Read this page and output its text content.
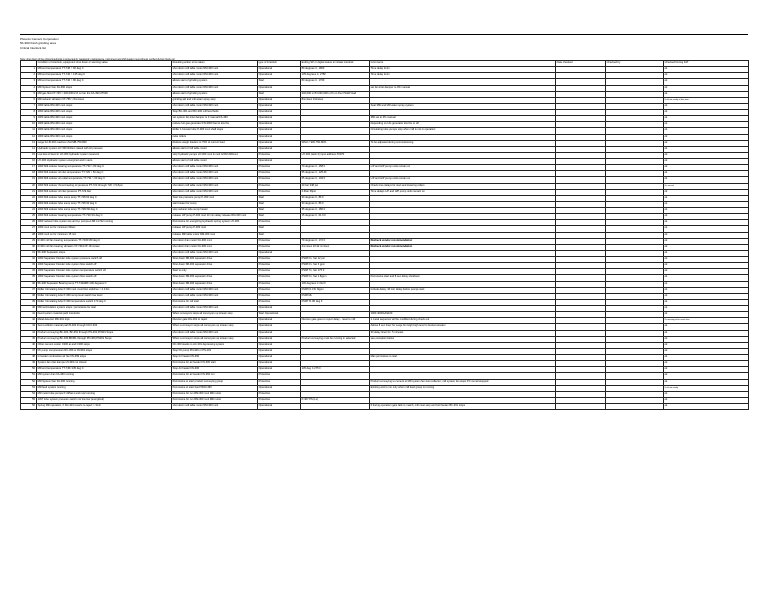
Phoenix Cement Corporation
5K-900 finish grinding area
Critical Interlock list
Note: shut down of the critical interlocks is protected by password; maintenance, instrument and shift leader must witness verified during check out
	Condition of interlock, equipment shut down or warning value	Resulting action to be taken	type of interlock	Ending SP or digital status to initiate interlock	Comments	Date checked	Checked by	Checked During FAT
1	Mill end temperature TT-746 > 60 deg C	shut down mill table motor RM-300 mo1	Operational	80 degrees C, 180F	Time delay 2min			ok
2	Mill end temperature TT-746 > 135 deg C	shut down mill table motor RM-300 mo1	Operational	135 degrees C, 275F	Time delay 2min			ok
3	Mill end temperature TT-746 > 80 deg C	allows start of grinding system	Start	80 degrees C, 176F				ok
4	Mill System Fan FA-360 stops	shut down mill table motor RM-300 mo1	Operational		set fan inlet damper to 0% manual			ok
5	Mill gas flow FT-745 < 240,000m³/h on fan the FA-390 ZT026	allows start of grinding system	Start	240,000 m³/h=240,000 m³/h on Kw<70/kW load				ok
6	Mill reducer vibration VT-756 > 8mm/sec	grinding aid and mill water spray stop	Operational	8mm/sec 1/4in/sec				Until not ready at this time
7	1000 table RM-300 mo1 stops	shut down mill table motor RM-300 mo1	Operational		Seal 380 and Mill water spray system			ok
8	1000 table RM-300 mo1 stops	Stop BC-301 and BC-300 mill feed belts	Operational					ok
9	1000 table RM-300 mo1 stops	set system fan inlet damper to 0 manual FA-360	Operational		380 set to 0% manual			ok
10	1000 table RM-300 mo1 stops	reduce hot gas generator FN-3000 fuel to low fire	Operational		Depending on HG generator low fire or off			ok
11	1000 table RM-300 mo1 stops	Roller 1 booster lube P-300 mo1 shaft stops	Operational		Circulating lube pumps stop when mill is not in operation			ok
12	1000 table RM-300 mo1 stops	raise rollers	Operational					ok
13	surge bin B-302 reaches LSH MB-750-800	Reduce weigh feeders to 75% of current feed	Operational	WSH = 900-750-80%	To be adjusted during commissioning			ok
14	Hydraulic system HY-300 Rollers raised with HI pressure	allows start of mill table motor	Operational					ok
15	Low low oil level in HY-300 hydraulic system reservoir	stop hydraulic pumps HY-300 mo1 & mo2 & RM-300mo1	Protective	HY-300 (tank 3) input address X0070				ok
16	HY-300 Hydraulic system energized and in auto	allows start of mill table motor	Operational					ok
17	1000 Mill reducer bearing temperature TT-733 > 80 deg C	shut down mill table motor RM-300 mo1	Protective	70 degrees C, 158 F	L/P and H/P pump units remain on			ok
18	1000 Mill reducer oil inlet temperature TT-729 > 60 deg C	shut down mill table motor RM-300 mo1	Protective	55 degrees C, 125.2F				ok
19	1000 Mill reducer oil outlet temperature TT-731 > 60 deg C	shut down mill table motor RM-300 mo1	Protective	65 degrees C, 149 F	L/P and H/P pump units remain on			ok
20	1000 Mill reducer thrust bearing oil pressure PT-722 through 726 <74.8psi	shut down mill table motor RM-300 mo1	Protective	20 bar 348 psi	Check time delays for start and lowering rollers			Un sur ed
21	1000 Mill reducer oil inlet pressure PT-729 Alsi	shut down mill table motor RM-300 mo1	Protective	2.6bar 36psi	Time delays L/P and H/P pump units remain on			ok
22	1000 Mill reducer lube sump temp TT-728 60 deg C	Start low pressure pump P-300 mo1	Start	30 degrees C, 86 F				ok
23	1000 Mill reducer lube sump temp TT-728 30 deg C	start heater for sump	Start	30 degrees C, 86 F				ok
24	1000 Mill reducer lube sump temp TT-728<60 deg C	stop reducer lube sump heater	Start	35 degrees C, 180 F				ok
25	1000 Mill reducer bearing temperature TT-733<16 deg C	release HP pump P-300 mo2 10 min delay release RM-300 mo1	Start	15 degrees C, 61.6 F				ok
26	1000 reducer lube system Hp and Lp pumps+LSB mo742 running	Permissive for energizing Hydraulic spring system HY-300	Protective					ok
27	1000 mo1 on for minimum 60sec	release HP pump P-300 mo2	Start					ok
28	1000 mo2 on for minimum 15 min	release Mill table motor RM-300 mo1	Start					ok
29	R-300 mill fan bearing temperature TT-7430>80 deg C	shut down Fan motor FA-300 mo1	Protective	79 degrees C, 172 F	Recheck vendor recommendation			ok
30	R-300 mill fan bearing vibration VT-7410<8> 8mm/sec	shut down Fan motor FA-300 mo1	Protective	4mm/sec 23.32 mm/sec	Recheck vendor recommendation			ok
31	5K-300 Separator stops	shut down mill table motor RM-300 mo1	Operational					ok
32	1000 Separator Flender lube system pressure switch off	Shut down SB-300 separator drive	Protective	PS08 F1, Set 12 psi				ok
33	1000 Separator Flender lube system flow switch off	Shut down SB-300 separator drive	Protective	PS08 F1, Set 3 gpm				ok
34	1000 Separator Flender lube system temperature switch off	Start to only	Protective	PS08 T1, Set 175 F				ok
35	1000 Separator Flender lube system flow switch off	Shut down SB-300 separator drive	Protective	PS08 F1, Set 1.8gpm	Permissive start and 8 sec delay shutdown			ok
36	5K-300 Separator Bearing temp TT-7430&B>100 degrees C	Shut down SB-300 separator drive	Protective	100 degrees C 212 F				ok
37	Roller Circulating lube P-300 mo1 must flow switches < 2.3 ltrs	shut down mill table motor RM-300 mo1	Protective	FS08 F1 FR. 8gpm	Include delay; 40 min delay before pumps start			ok
38	Roller Circulating lube P-300 sump level switch low level	shut down mill table motor RM-300 mo1	Protective	FS08 ML				ok
39	Roller Circulating lube P-300 temperature switch 170 deg C	Permissive for roll start	Protective	FS08 T1 80 deg F				ok
40	Mill recirculation system stops / permissive for start	shut down mill table motor RM-300 mo1	Operational					ok
41	Feed system material path interlocks	When conveyors stops all conveyors up stream stop	Start Operational		1000 4000AAS100			ok
42	Metal detector MD-301 trips	Diverter gate DG-301 to reject	Operational	Diverter gate goes to reject delay - reset to mill	1 metal sequence will be modified during check out			Un-moving to be reset also
43	Semi-cobbler material path B-300 through DCX-300	When a conveyor stops all conveyors up stream stop	Operational		Allows 8 sec timer for surge bin High-high level to buckel elevator			ok
44	Product conveying BF-304, BF-351 through PN-300,PN301 Stops	shut down mill table motor RM-300 mo1	Operational		30 delay timer for .5 minutes			ok
45	Product conveying BF-330,BF351 through PN-300,PN301 Stops	When a conveyor stops all conveyors up stream stop	Operational	Product conveying must be running in selected	see exception below			ok
46	Other cement cooler C300 at and C300 stops	DC-300 stacks to AC-301 depressing system	Operational					ok
47	FK pump compressors RC-360 or RC361 stops	Stop FK pump PN-300 or PN-301	Operational					ok
48	In feeder combustion air fan FN-399 stops	Stop for heater FN-300	Operational		Max permissive to start			ok
49	System fan inlet damper ZI-393 not closed	Permissive for air feeder FN-300 start	Operational					ok
50	Mill end temperature TT-746<135 deg C	Stop Air heater FN-300	Operational	135 deg C 275 F				ok
51	Mill system Fan FA-360 running	Permissive for air feeder FN-360 run	Protective					ok
52	Mill System Fan FA-360 running	Permissive to start product conveying group	Protective		Product conveying to cement to Mill system fan dust collector; mill system fan stops PC remail stopped			ok
53	Mill feed system running	Permissive to start feed 5K03-360	Operational		Existing and to run only when mill feed group is running			Until not ready
54	Mill motor lube pumps P-325ac1 and mo2 running	Permissive for run RM-300 mo1 Mill motor	Protective					ok
55	1307 lube system pressure switch not low low (energized)	Permissive for run RM-300 mo1 Mill motor	Protective	P-307 PS (LL)				ok
56	Spring Mill operation, if DG-301 reverts to reject > 3min	shut down mill table motor RM-300 mo1	Operational		If during operation gate fails to match; mill must stop and belt feeder BC-301 stops			ok
